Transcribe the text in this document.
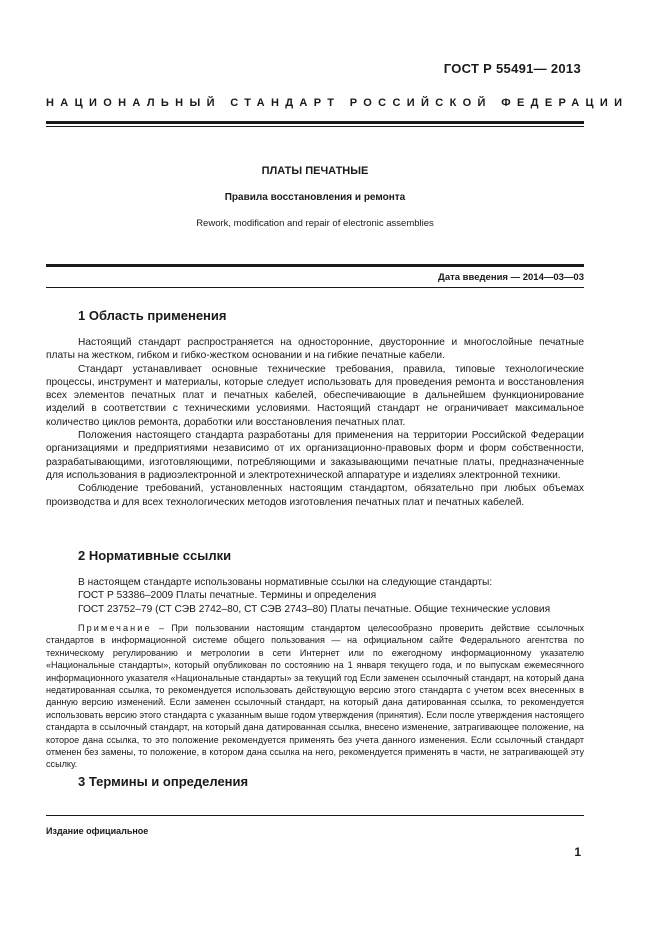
ГОСТ Р 55491— 2013
НАЦИОНАЛЬНЫЙ СТАНДАРТ РОССИЙСКОЙ ФЕДЕРАЦИИ
ПЛАТЫ ПЕЧАТНЫЕ
Правила восстановления и ремонта
Rework, modification and repair of electronic assemblies
Дата введения — 2014—03—03
1 Область применения

Настоящий стандарт распространяется на односторонние, двусторонние и многослойные печатные платы на жестком, гибком и гибко-жестком основании и на гибкие печатные кабели.

Стандарт устанавливает основные технические требования, правила, типовые технологические процессы, инструмент и материалы, которые следует использовать для проведения ремонта и восстановления всех элементов печатных плат и печатных кабелей, обеспечивающие в дальнейшем функционирование изделий в соответствии с техническими условиями. Настоящий стандарт не ограничивает максимальное количество циклов ремонта, доработки или восстановления печатных плат.

Положения настоящего стандарта разработаны для применения на территории Российской Федерации организациями и предприятиями независимо от их организационно-правовых форм и форм собственности, разрабатывающими, изготовляющими, потребляющими и заказывающими печатные платы, предназначенные для использования в радиоэлектронной и электротехнической аппаратуре и изделиях электронной техники.

Соблюдение требований, установленных настоящим стандартом, обязательно при любых объемах производства и для всех технологических методов изготовления печатных плат и печатных кабелей.

2 Нормативные ссылки
В настоящем стандарте использованы нормативные ссылки на следующие стандарты:
ГОСТ Р 53386–2009 Платы печатные. Термины и определения
ГОСТ 23752–79 (СТ СЭВ 2742–80, СТ СЭВ 2743–80) Платы печатные. Общие технические условия

Примечание – При пользовании настоящим стандартом целесообразно проверить действие ссылочных стандартов в информационной системе общего пользования — на официальном сайте Федерального агентства по техническому регулированию и метрологии в сети Интернет или по ежегодному информационному указателю «Национальные стандарты», который опубликован по состоянию на 1 января текущего года, и по выпускам ежемесячного информационного указателя «Национальные стандарты» за текущий год Если заменен ссылочный стандарт, на который дана недатированная ссылка, то рекомендуется использовать действующую версию этого стандарта с учетом всех внесенных в данную версию изменений. Если заменен ссылочный стандарт, на который дана датированная ссылка, то рекомендуется использовать версию этого стандарта с указанным выше годом утверждения (принятия). Если после утверждения настоящего стандарта в ссылочный стандарт, на который дана датированная ссылка, внесено изменение, затрагивающее положение, на которое дана ссылка, то это положение рекомендуется применять без учета данного изменения. Если ссылочный стандарт отменен без замены, то положение, в котором дана ссылка на него, рекомендуется применять в части, не затрагивающей эту ссылку.

3 Термины и определения
Издание официальное
1
